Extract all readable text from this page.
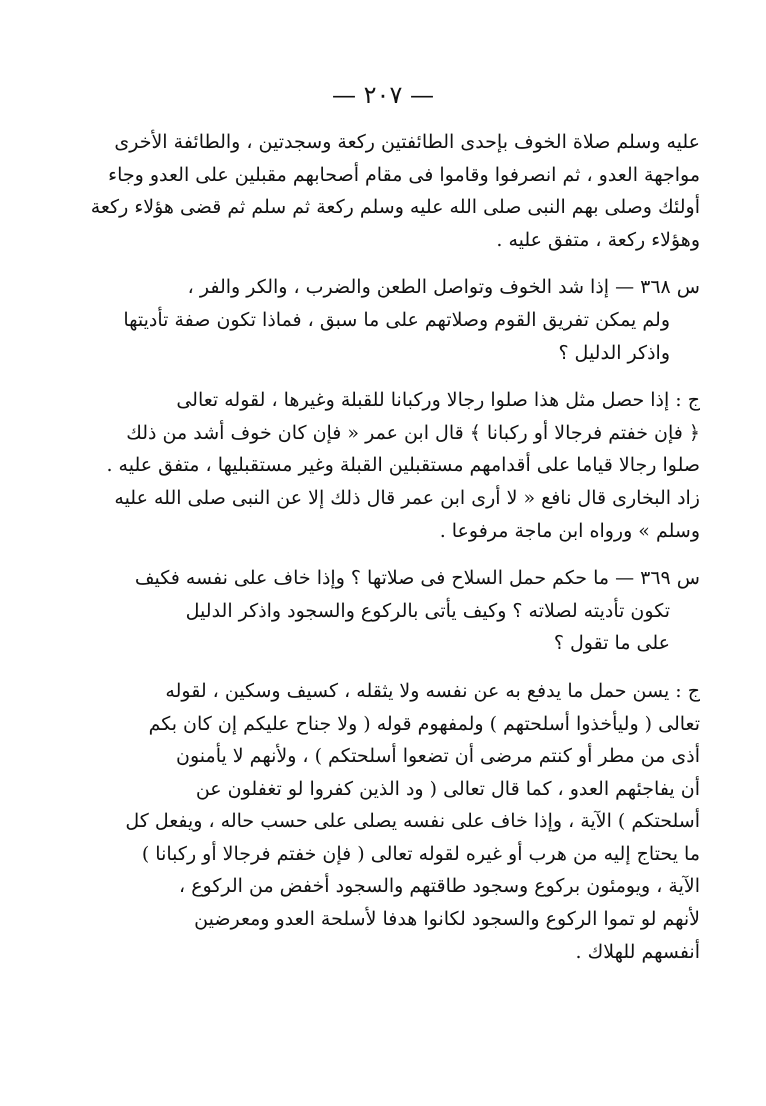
— ٢٠٧ —
عليه وسلم صلاة الخوف بإحدى الطائفتين ركعة وسجدتين ، والطائفة الأخرى
مواجهة العدو ، ثم انصرفوا وقاموا فى مقام أصحابهم مقبلين على العدو وجاء
أولئك وصلى بهم النبى صلى الله عليه وسلم ركعة ثم سلم ثم قضى هؤلاء ركعة
وهؤلاء ركعة ، متفق عليه .
س ٣٦٨ — إذا شد الخوف وتواصل الطعن والضرب ، والكر والفر ،
ولم يمكن تفريق القوم وصلاتهم على ما سبق ، فماذا تكون صفة تأديتها
واذكر الدليل ؟
ج : إذا حصل مثل هذا صلوا رجالا وركبانا للقبلة وغيرها ، لقوله تعالى
﴿ فإن خفتم فرجالا أو ركبانا ﴾ قال ابن عمر « فإن كان خوف أشد من ذلك
صلوا رجالا قياما على أقدامهم مستقبلين القبلة وغير مستقبليها ، متفق عليه .
زاد البخارى قال نافع « لا أرى ابن عمر قال ذلك إلا عن النبى صلى الله عليه
وسلم » ورواه ابن ماجة مرفوعا .
س ٣٦٩ — ما حكم حمل السلاح فى صلاتها ؟ وإذا خاف على نفسه فكيف
تكون تأديته لصلاته ؟ وكيف يأتى بالركوع والسجود واذكر الدليل
على ما تقول ؟
ج : يسن حمل ما يدفع به عن نفسه ولا يثقله ، كسيف وسكين ، لقوله
تعالى ( وليأخذوا أسلحتهم ) ولمفهوم قوله ( ولا جناح عليكم إن كان بكم
أذى من مطر أو كنتم مرضى أن تضعوا أسلحتكم ) ، ولأنهم لا يأمنون
أن يفاجئهم العدو ، كما قال تعالى ( ود الذين كفروا لو تغفلون عن
أسلحتكم ) الآية ، وإذا خاف على نفسه يصلى على حسب حاله ، ويفعل كل
ما يحتاج إليه من هرب أو غيره لقوله تعالى ( فإن خفتم فرجالا أو ركبانا )
الآية ، ويومئون بركوع وسجود طاقتهم والسجود أخفض من الركوع ،
لأنهم لو تموا الركوع والسجود لكانوا هدفا لأسلحة العدو ومعرضين
أنفسهم للهلاك .
